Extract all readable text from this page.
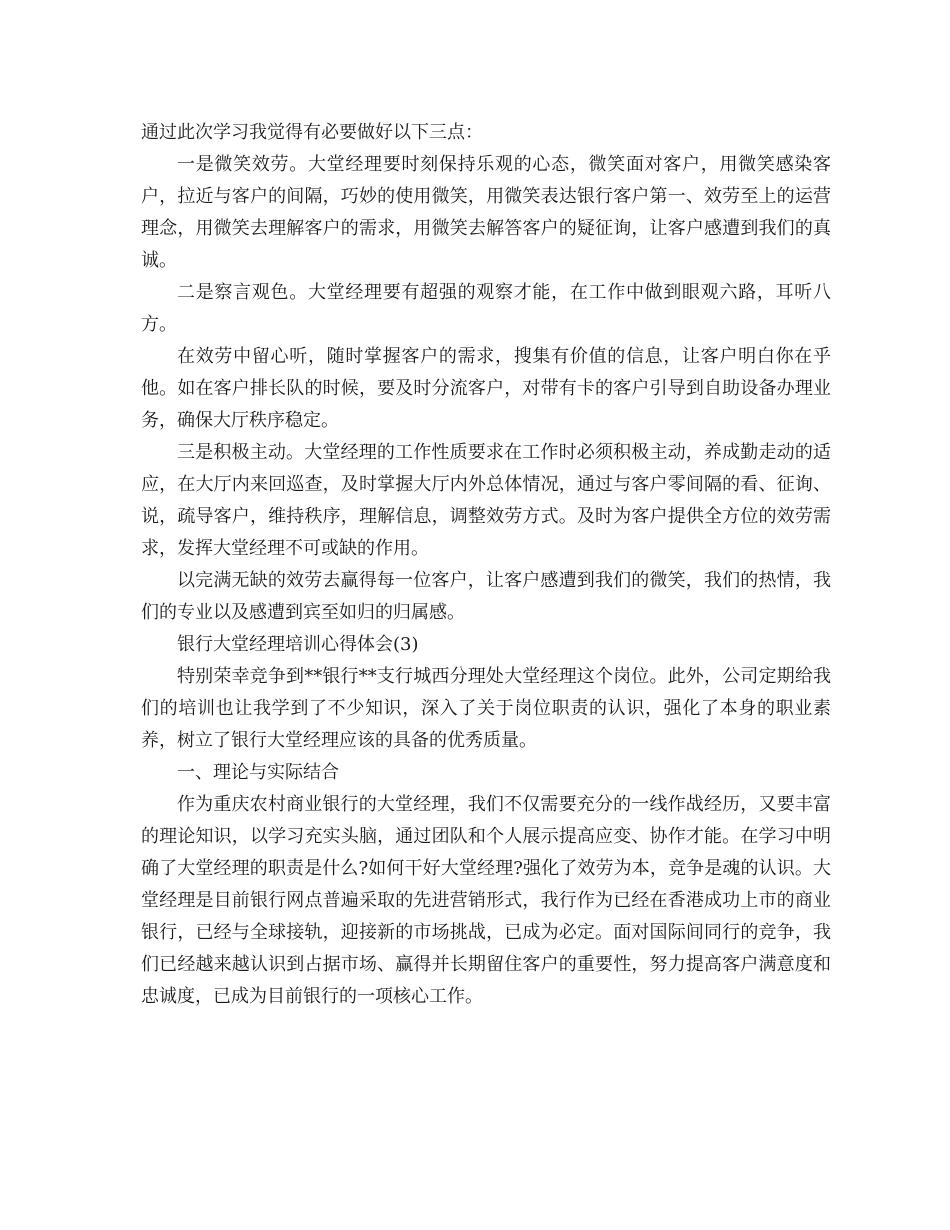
通过此次学习我觉得有必要做好以下三点：

一是微笑效劳。大堂经理要时刻保持乐观的心态，微笑面对客户，用微笑感染客户，拉近与客户的间隔，巧妙的使用微笑，用微笑表达银行客户第一、效劳至上的运营理念，用微笑去理解客户的需求，用微笑去解答客户的疑征询，让客户感遭到我们的真诚。

二是察言观色。大堂经理要有超强的观察才能，在工作中做到眼观六路，耳听八方。

在效劳中留心听，随时掌握客户的需求，搜集有价值的信息，让客户明白你在乎他。如在客户排长队的时候，要及时分流客户，对带有卡的客户引导到自助设备办理业务，确保大厅秩序稳定。

三是积极主动。大堂经理的工作性质要求在工作时必须积极主动，养成勤走动的适应，在大厅内来回巡查，及时掌握大厅内外总体情况，通过与客户零间隔的看、征询、说，疏导客户，维持秩序，理解信息，调整效劳方式。及时为客户提供全方位的效劳需求，发挥大堂经理不可或缺的作用。

以完满无缺的效劳去赢得每一位客户，让客户感遭到我们的微笑，我们的热情，我们的专业以及感遭到宾至如归的归属感。

银行大堂经理培训心得体会(3)

特别荣幸竞争到**银行**支行城西分理处大堂经理这个岗位。此外，公司定期给我们的培训也让我学到了不少知识，深入了关于岗位职责的认识，强化了本身的职业素养，树立了银行大堂经理应该的具备的优秀质量。

一、理论与实际结合

作为重庆农村商业银行的大堂经理，我们不仅需要充分的一线作战经历，又要丰富的理论知识，以学习充实头脑，通过团队和个人展示提高应变、协作才能。在学习中明确了大堂经理的职责是什么?如何干好大堂经理?强化了效劳为本，竞争是魂的认识。大堂经理是目前银行网点普遍采取的先进营销形式，我行作为已经在香港成功上市的商业银行，已经与全球接轨，迎接新的市场挑战，已成为必定。面对国际间同行的竞争，我们已经越来越认识到占据市场、赢得并长期留住客户的重要性，努力提高客户满意度和忠诚度，已成为目前银行的一项核心工作。
